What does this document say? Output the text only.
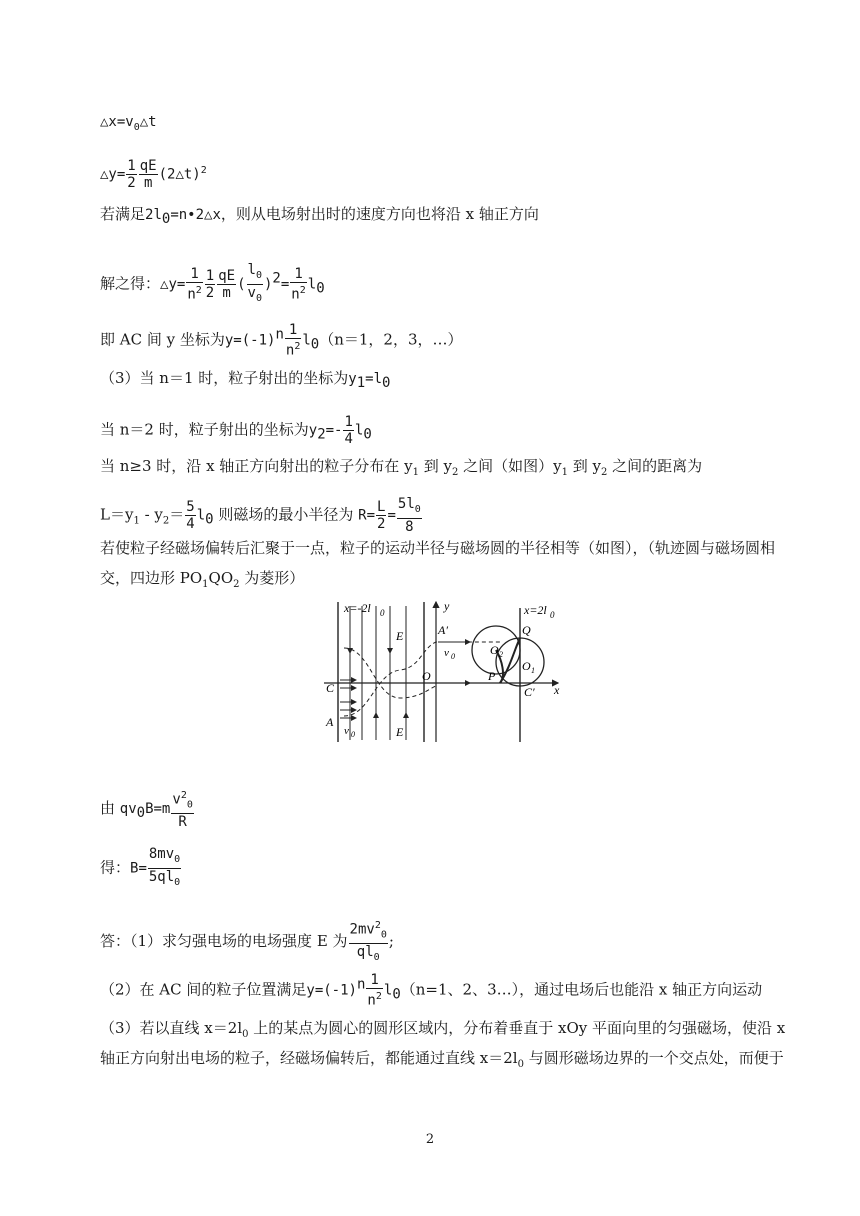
$\triangle x=v_0\triangle t$
△y= $\frac{1}{2} \frac{qE}{m}$ (2△t)$^2$
若满足$2l_0=n•2\triangle x$，则从电场射出时的速度方向也将沿 x 轴正方向
解之得：△y= $\frac{1}{n^2} \frac{1}{2} \frac{qE}{m}$ ( $\frac{l_0}{v_0} )^2= \frac{1}{n^2} l_0$
即 AC 间 y 坐标为$y=(-1)^n \frac{1}{n^2} l_0(n=1$，2，3，…）
（3）当 n＝1 时，粒子射出的坐标为$y_1=l_0$
当 n＝2 时，粒子射出的坐标为$y_2=- \frac{1}{4} l_0$
当 n≥3 时，沿 x 轴正方向射出的粒子分布在 $y_1$ 到 $y_2$ 之间（如图）$y_1$ 到 $y_2$ 之间的距离为
$L=y_1 - y_2= \frac{5}{4} l_0$ 则磁场的最小半径为 $R= \frac{L}{2} = \frac{5l_0}{8}$
若使粒子经磁场偏转后汇聚于一点，粒子的运动半径与磁场圆的半径相等（如图），（轨迹圆与磁场圆相
交，四边形 $PO_1QO_2$ 为菱形）
x=-2l 0	x=2l 0
y
x
E
E
A′
v 0
Q
O 2
O 1
O	P
C	C′
A
v 0
由 $qv_0B=m \frac{v^2_0}{R}$
得：$B= \frac{8mv_0}{5ql_0}$
答：（1）求匀强电场的电场强度 E 为 $\frac{2mv^2_0}{ql_0}$ ;
（2）在 AC 间的粒子位置满足$y=(-1)^n \frac{1}{n^2} l_0(n=1$、2、3…），通过电场后也能沿 x 轴正方向运动
（3）若以直线 $x=2l_0$ 上的某点为圆心的圆形区域内，分布着垂直于 xOy 平面向里的匀强磁场，使沿 x
轴正方向射出电场的粒子，经磁场偏转后，都能通过直线 $x=2l_0$ 与圆形磁场边界的一个交点处，而便于
2
